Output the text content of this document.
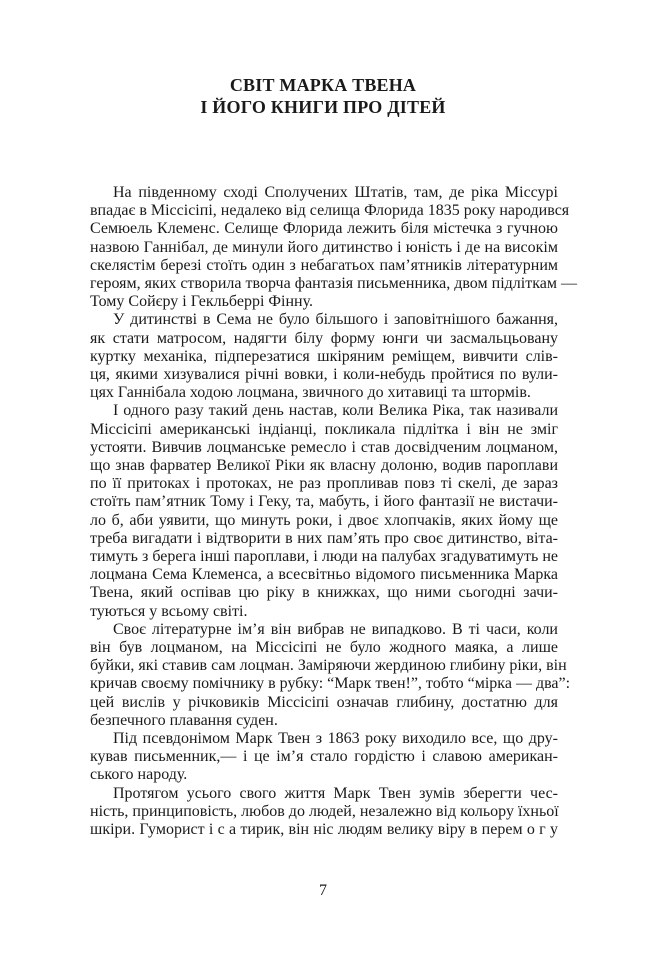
СВІТ МАРКА ТВЕНА
І ЙОГО КНИГИ ПРО ДІТЕЙ
На південному сході Сполучених Штатів, там, де ріка Міссурі
впадає в Міссісіпі, недалеко від селища Флорида 1835 року народився
Семюель Клеменс. Селище Флорида лежить біля містечка з гучною
назвою Ганнібал, де минули його дитинство і юність і де на високім
скелястім березі стоїть один з небагатьох пам’ятників літературним
героям, яких створила творча фантазія письменника, двом підліткам —
Тому Сойєру і Гекльберрі Фінну.
У дитинстві в Сема не було більшого і заповітнішого бажання,
як стати матросом, надягти білу форму юнги чи засмальцьовану
куртку механіка, підперезатися шкіряним реміщем, вивчити слів-
ця, якими хизувалися річні вовки, і коли-небудь пройтися по вули-
цях Ганнібала ходою лоцмана, звичного до хитавиці та штормів.
І одного разу такий день настав, коли Велика Ріка, так називали
Міссісіпі американські індіанці, покликала підлітка і він не зміг
устояти. Вивчив лоцманське ремесло і став досвідченим лоцманом,
що знав фарватер Великої Ріки як власну долоню, водив пароплави
по її притоках і протоках, не раз пропливав повз ті скелі, де зараз
стоїть пам’ятник Тому і Геку, та, мабуть, і його фантазії не вистачи-
ло б, аби уявити, що минуть роки, і двоє хлопчаків, яких йому ще
треба вигадати і відтворити в них пам’ять про своє дитинство, віта-
тимуть з берега інші пароплави, і люди на палубах згадуватимуть не
лоцмана Сема Клеменса, а всесвітньо відомого письменника Марка
Твена, який оспівав цю ріку в книжках, що ними сьогодні зачи-
туються у всьому світі.
Своє літературне ім’я він вибрав не випадково. В ті часи, коли
він був лоцманом, на Міссісіпі не було жодного маяка, а лише
буйки, які ставив сам лоцман. Заміряючи жердиною глибину ріки, він
кричав своєму помічнику в рубку: “Марк твен!”, тобто “мірка — два”:
цей вислів у річковиків Міссісіпі означав глибину, достатню для
безпечного плавання суден.
Під псевдонімом Марк Твен з 1863 року виходило все, що дру-
кував письменник,— і це ім’я стало гордістю і славою американ-
ського народу.
Протягом усього свого життя Марк Твен зумів зберегти чес-
ність, принциповість, любов до людей, незалежно від кольору їхньої
шкіри. Гуморист і с а тирик, він ніс людям велику віру в перем о г у
7
